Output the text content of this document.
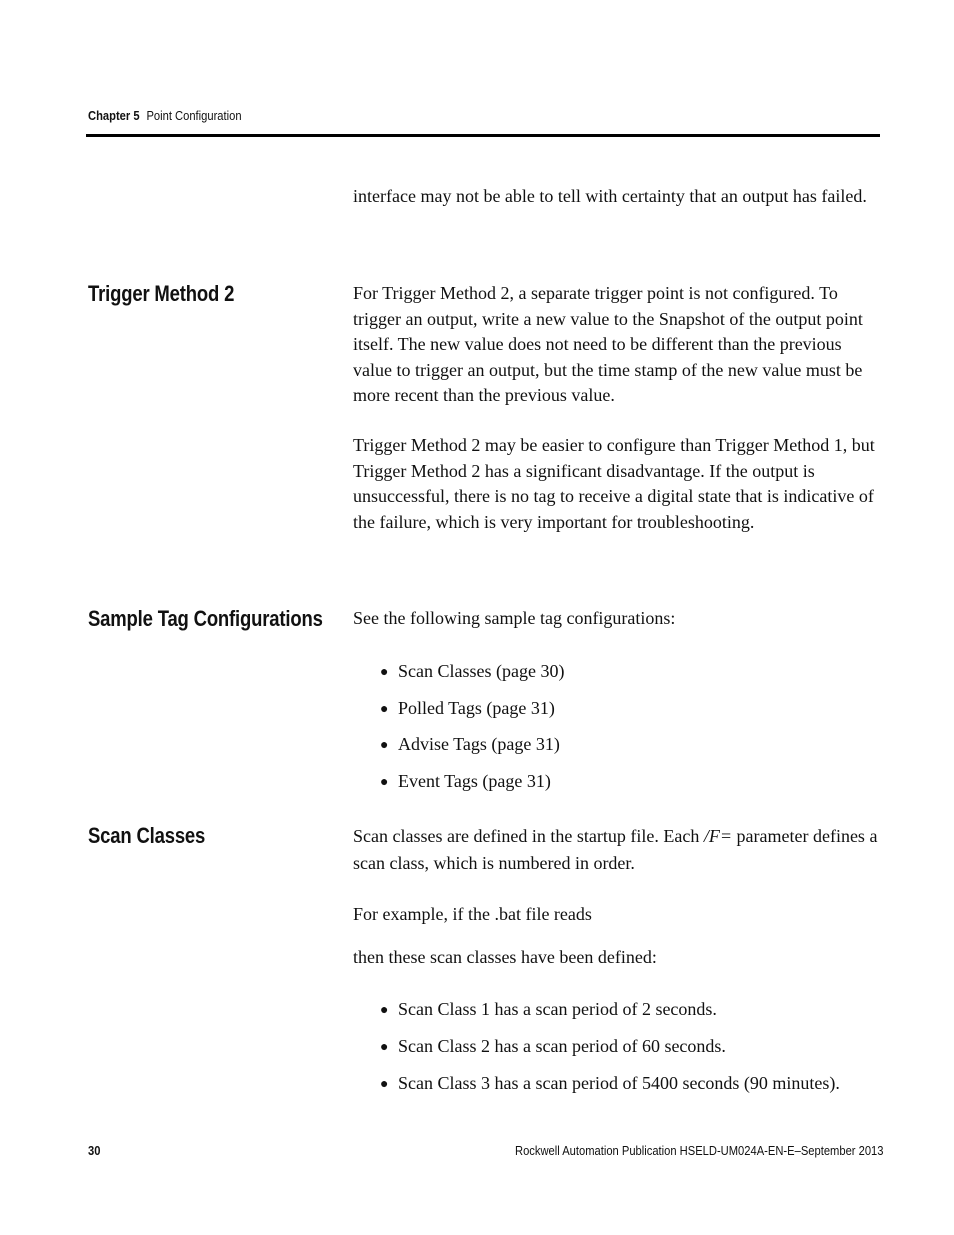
Chapter 5 Point Configuration

interface may not be able to tell with certainty that an output has failed.

Trigger Method 2	For Trigger Method 2, a separate trigger point is not configured. To trigger an output, write a new value to the Snapshot of the output point itself. The new value does not need to be different than the previous value to trigger an output, but the time stamp of the new value must be more recent than the previous value.

Trigger Method 2 may be easier to configure than Trigger Method 1, but Trigger Method 2 has a significant disadvantage. If the output is unsuccessful, there is no tag to receive a digital state that is indicative of the failure, which is very important for troubleshooting.

Sample Tag Configurations See the following sample tag configurations:

● Scan Classes (page 30)
● Polled Tags (page 31)
● Advise Tags (page 31)
● Event Tags (page 31)
Scan Classes	Scan classes are defined in the startup file. Each /F= parameter defines a scan class, which is numbered in order.

For example, if the .bat file reads

then these scan classes have been defined:

● Scan Class 1 has a scan period of 2 seconds.
● Scan Class 2 has a scan period of 60 seconds.
● Scan Class 3 has a scan period of 5400 seconds (90 minutes).
30	Rockwell Automation Publication HSELD-UM024A-EN-E–September 2013
